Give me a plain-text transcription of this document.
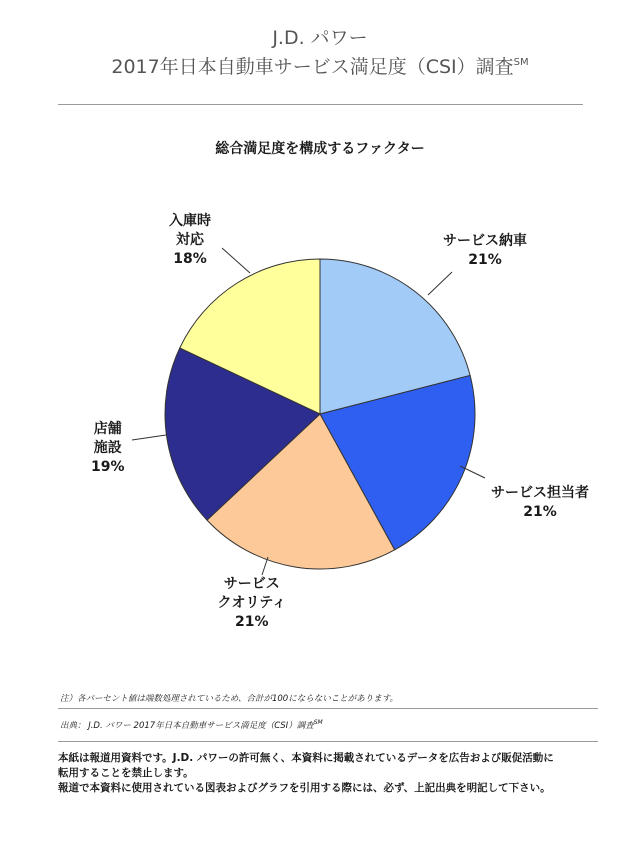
J.D. パワー
2017年日本自動車サービス満足度（CSI）調査℠
総合満足度を構成するファクター
サービス納車
21%
サービス担当者
21%
サービス
クオリティ
21%
店舗
施設
19%
入庫時
対応
18%
注）各パーセント値は端数処理されているため、合計が100にならないことがあります。
出典： J.D. パワー 2017年日本自動車サービス満足度（CSI）調査℠
本紙は報道用資料です。J.D. パワーの許可無く、本資料に掲載されているデータを広告および販促活動に
転用することを禁止します。
報道で本資料に使用されている図表およびグラフを引用する際には、必ず、上記出典を明記して下さい。
